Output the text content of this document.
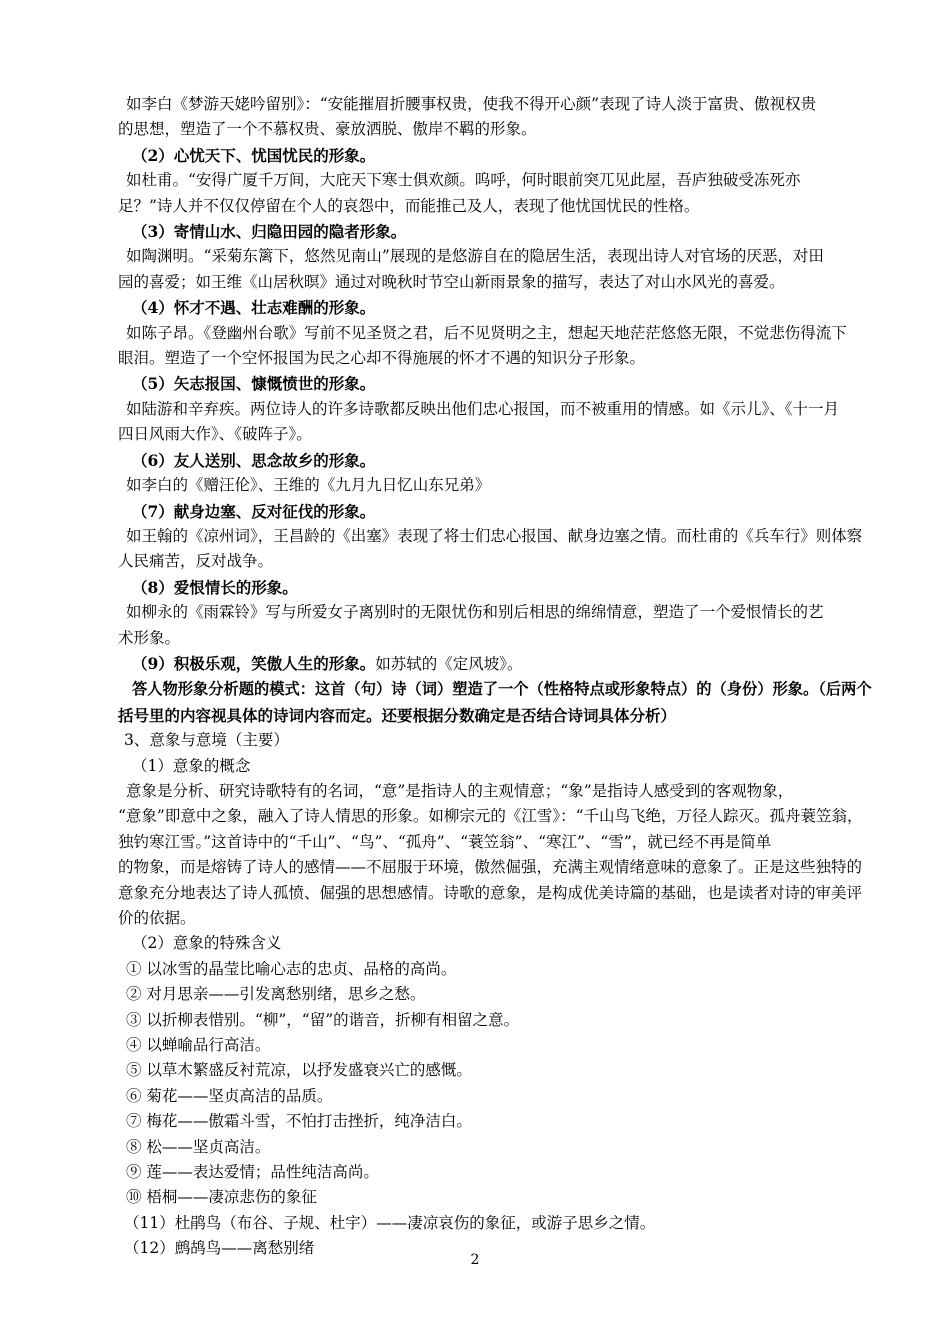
如李白《梦游天姥吟留别》：“安能摧眉折腰事权贵，使我不得开心颜”表现了诗人淡于富贵、傲视权贵
的思想，塑造了一个不慕权贵、豪放洒脱、傲岸不羁的形象。
（2）心忧天下、忧国忧民的形象。
如杜甫。“安得广厦千万间，大庇天下寒士俱欢颜。呜呼，何时眼前突兀见此屋，吾庐独破受冻死亦
足？”诗人并不仅仅停留在个人的哀怨中，而能推己及人，表现了他忧国忧民的性格。
（3）寄情山水、归隐田园的隐者形象。
如陶渊明。“采菊东篱下，悠然见南山”展现的是悠游自在的隐居生活，表现出诗人对官场的厌恶，对田
园的喜爱；如王维《山居秋暝》通过对晚秋时节空山新雨景象的描写，表达了对山水风光的喜爱。
（4）怀才不遇、壮志难酬的形象。
如陈子昂。《登幽州台歌》写前不见圣贤之君，后不见贤明之主，想起天地茫茫悠悠无限，不觉悲伤得流下
眼泪。塑造了一个空怀报国为民之心却不得施展的怀才不遇的知识分子形象。
（5）矢志报国、慷慨愤世的形象。
如陆游和辛弃疾。两位诗人的许多诗歌都反映出他们忠心报国，而不被重用的情感。如《示儿》、《十一月
四日风雨大作》、《破阵子》。
（6）友人送别、思念故乡的形象。
如李白的《赠汪伦》、王维的《九月九日忆山东兄弟》
（7）献身边塞、反对征伐的形象。
如王翰的《凉州词》，王昌龄的《出塞》表现了将士们忠心报国、献身边塞之情。而杜甫的《兵车行》则体察
人民痛苦，反对战争。
（8）爱恨情长的形象。
如柳永的《雨霖铃》写与所爱女子离别时的无限忧伤和别后相思的绵绵情意，塑造了一个爱恨情长的艺
术形象。
（9）积极乐观，笑傲人生的形象。如苏轼的《定风坡》。
答人物形象分析题的模式：这首（句）诗（词）塑造了一个（性格特点或形象特点）的（身份）形象。（后两个
括号里的内容视具体的诗词内容而定。还要根据分数确定是否结合诗词具体分析）
3、意象与意境（主要）
（1）意象的概念
意象是分析、研究诗歌特有的名词，“意”是指诗人的主观情意；“象”是指诗人感受到的客观物象，
“意象”即意中之象，融入了诗人情思的形象。如柳宗元的《江雪》：“千山鸟飞绝，万径人踪灭。孤舟蓑笠翁，
独钓寒江雪。”这首诗中的“千山”、“鸟”、“孤舟”、“蓑笠翁”、“寒江”、“雪”，就已经不再是简单
的物象，而是熔铸了诗人的感情——不屈服于环境，傲然倔强，充满主观情绪意味的意象了。正是这些独特的
意象充分地表达了诗人孤愤、倔强的思想感情。诗歌的意象，是构成优美诗篇的基础，也是读者对诗的审美评
价的依据。
（2）意象的特殊含义
① 以冰雪的晶莹比喻心志的忠贞、品格的高尚。
② 对月思亲——引发离愁别绪，思乡之愁。
③ 以折柳表惜别。“柳”，“留”的谐音，折柳有相留之意。
④ 以蝉喻品行高洁。
⑤ 以草木繁盛反衬荒凉，以抒发盛衰兴亡的感慨。
⑥ 菊花——坚贞高洁的品质。
⑦ 梅花——傲霜斗雪，不怕打击挫折，纯净洁白。
⑧ 松——坚贞高洁。
⑨ 莲——表达爱情；品性纯洁高尚。
⑩ 梧桐——凄凉悲伤的象征
（11）杜鹃鸟（布谷、子规、杜宇）——凄凉哀伤的象征，或游子思乡之情。
（12）鹧鸪鸟——离愁别绪
2
